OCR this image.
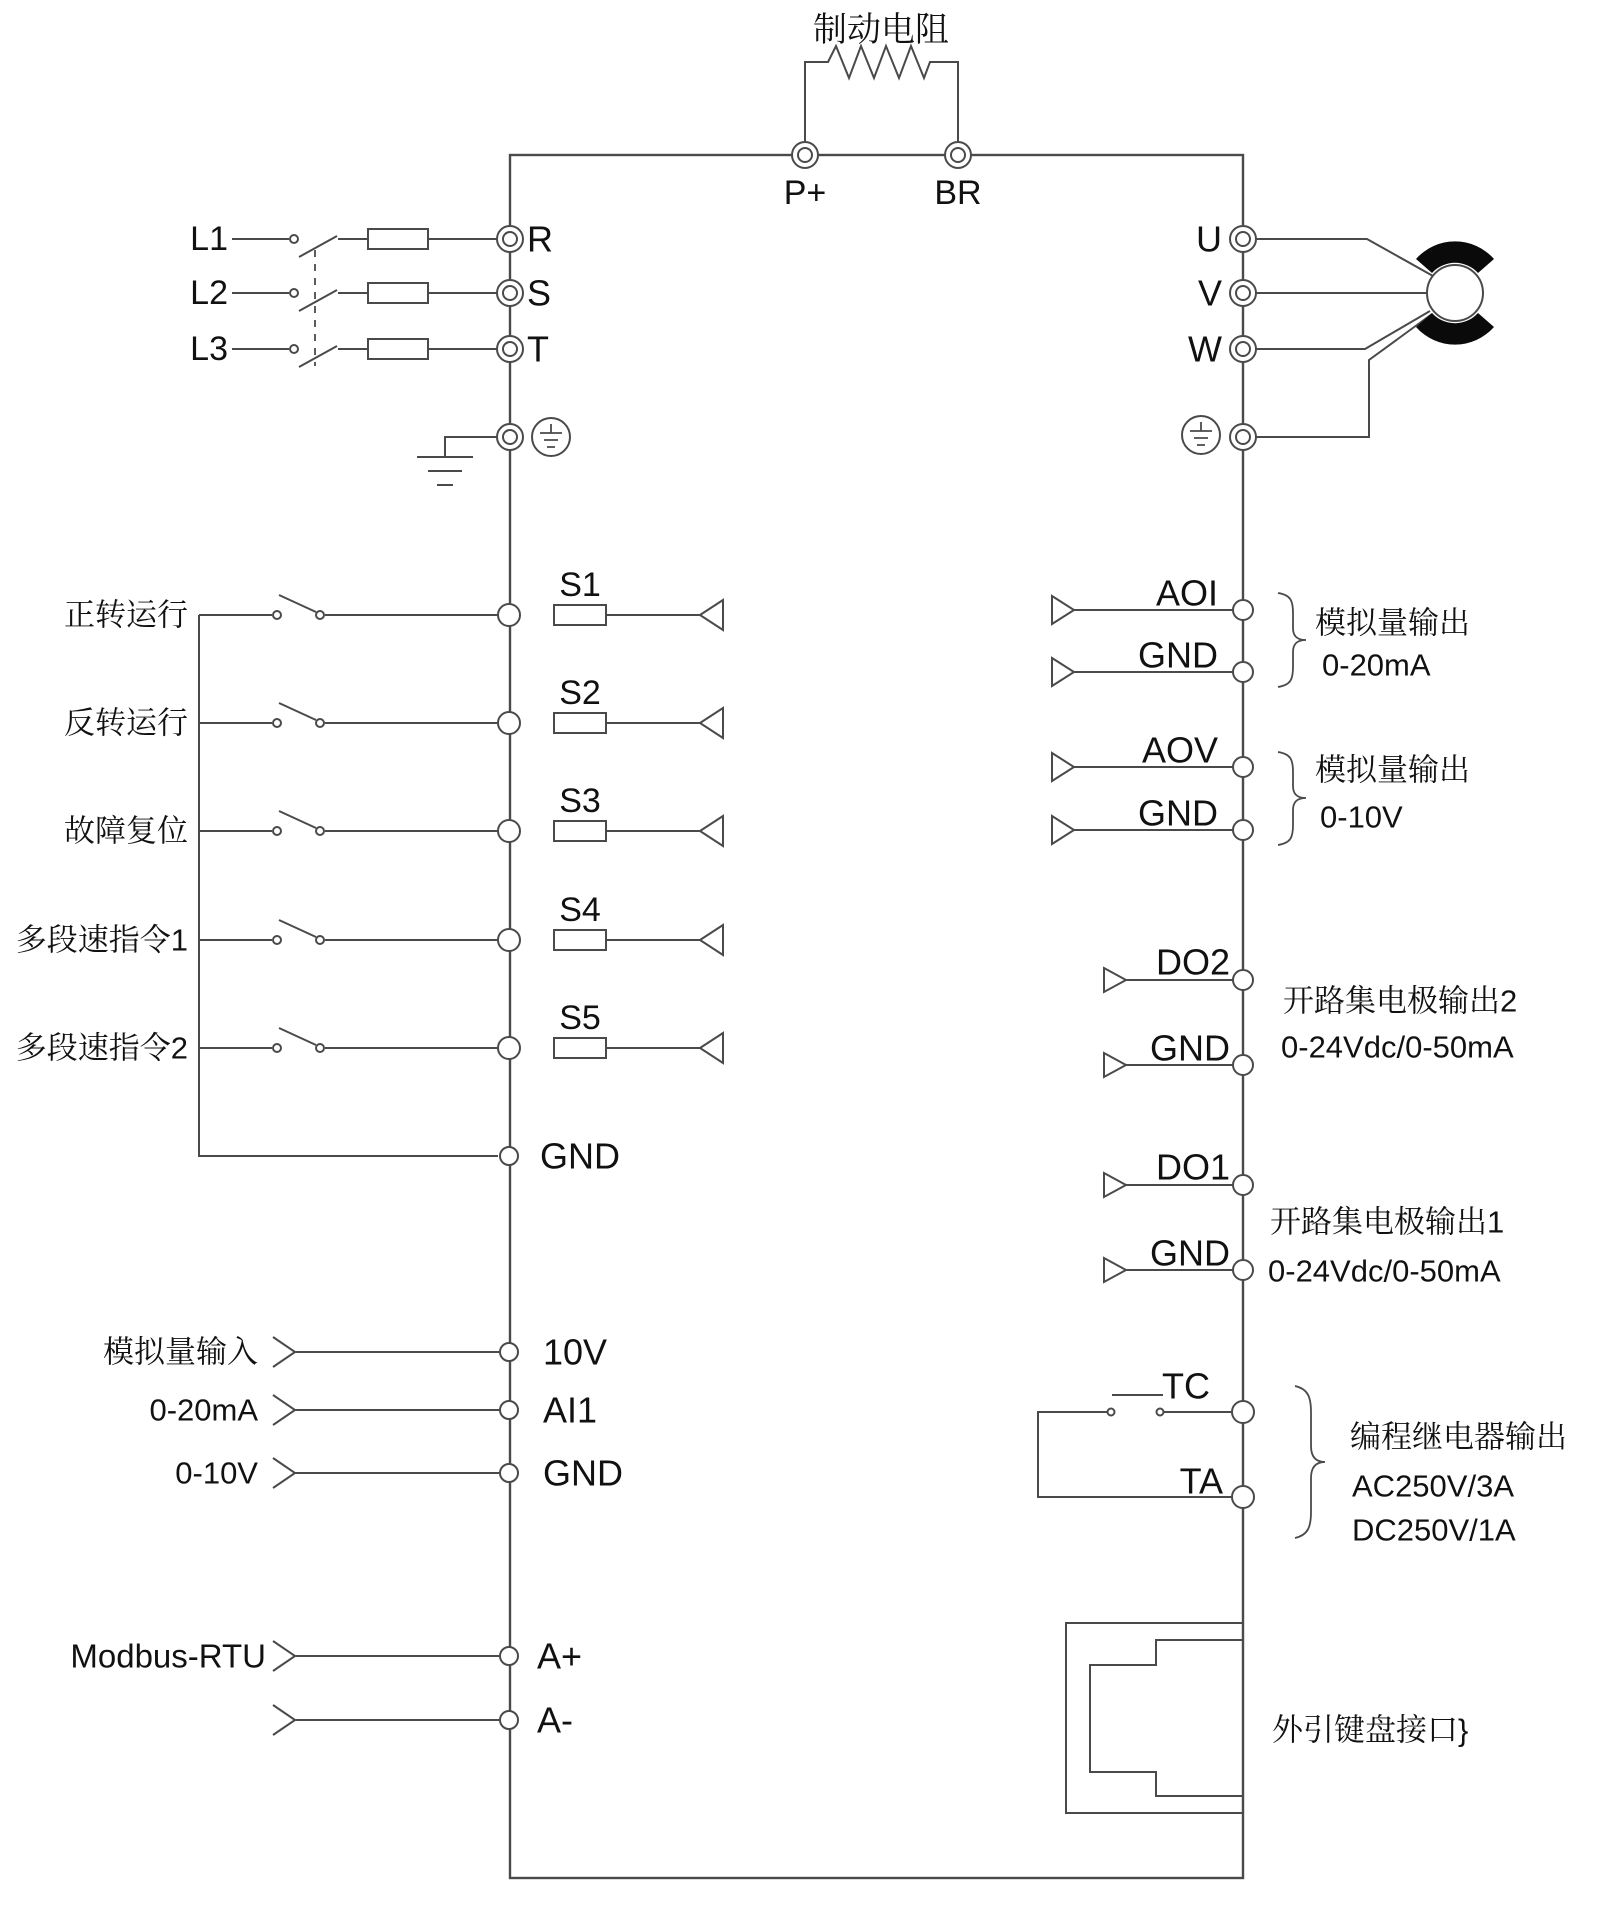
制动电阻
P+	BR
L1
L2
L3
R
S
T
U
V
W
S1
正转运行
S2
反转运行
S3
故障复位
S4
多段速指令1
S5
多段速指令2
GND
AOI
GND
模拟量输出
0-20mA
AOV
GND
模拟量输出
0-10V
DO2
GND
开路集电极输出2
0-24Vdc/0-50mA
DO1
GND
开路集电极输出1
0-24Vdc/0-50mA
模拟量输入	10V
0-20mA	AI1
0-10V	GND
TC
TA
编程继电器输出
AC250V/3A
DC250V/1A
Modbus-RTU	A+
A-	外引键盘接口}
